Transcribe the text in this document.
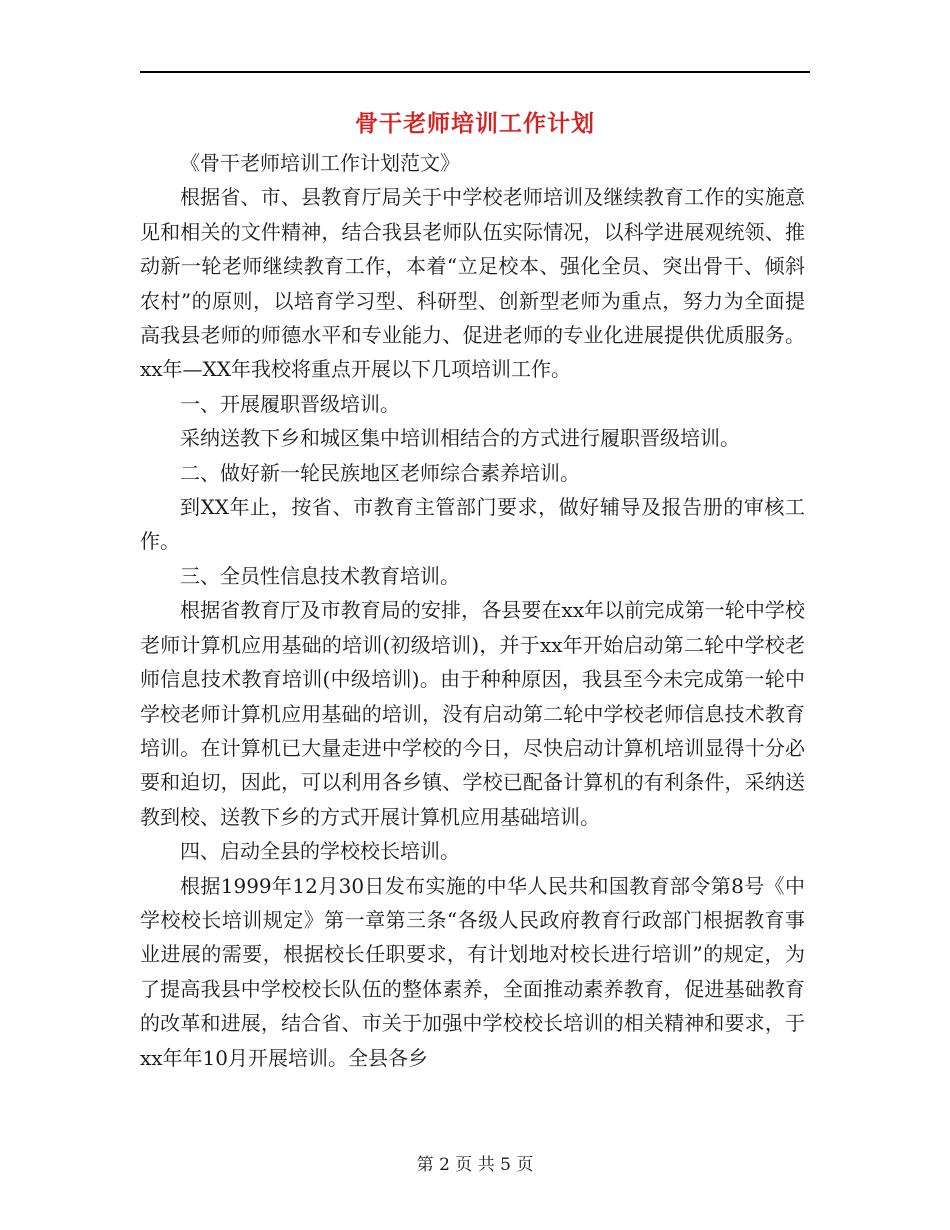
骨干老师培训工作计划

《骨干老师培训工作计划范文》

根据省、市、县教育厅局关于中学校老师培训及继续教育工作的实施意见和相关的文件精神，结合我县老师队伍实际情况，以科学进展观统领、推动新一轮老师继续教育工作，本着“立足校本、强化全员、突出骨干、倾斜农村”的原则，以培育学习型、科研型、创新型老师为重点，努力为全面提高我县老师的师德水平和专业能力、促进老师的专业化进展提供优质服务。xx年—XX年我校将重点开展以下几项培训工作。

一、开展履职晋级培训。

采纳送教下乡和城区集中培训相结合的方式进行履职晋级培训。

二、做好新一轮民族地区老师综合素养培训。

到XX年止，按省、市教育主管部门要求，做好辅导及报告册的审核工作。

三、全员性信息技术教育培训。

根据省教育厅及市教育局的安排，各县要在xx年以前完成第一轮中学校老师计算机应用基础的培训(初级培训)，并于xx年开始启动第二轮中学校老师信息技术教育培训(中级培训)。由于种种原因，我县至今未完成第一轮中学校老师计算机应用基础的培训，没有启动第二轮中学校老师信息技术教育培训。在计算机已大量走进中学校的今日，尽快启动计算机培训显得十分必要和迫切，因此，可以利用各乡镇、学校已配备计算机的有利条件，采纳送教到校、送教下乡的方式开展计算机应用基础培训。

四、启动全县的学校校长培训。

根据1999年12月30日发布实施的中华人民共和国教育部令第8号《中学校校长培训规定》第一章第三条“各级人民政府教育行政部门根据教育事业进展的需要，根据校长任职要求，有计划地对校长进行培训”的规定，为了提高我县中学校校长队伍的整体素养，全面推动素养教育，促进基础教育的改革和进展，结合省、市关于加强中学校校长培训的相关精神和要求，于xx年年10月开展培训。全县各乡

第 2 页 共 5 页
